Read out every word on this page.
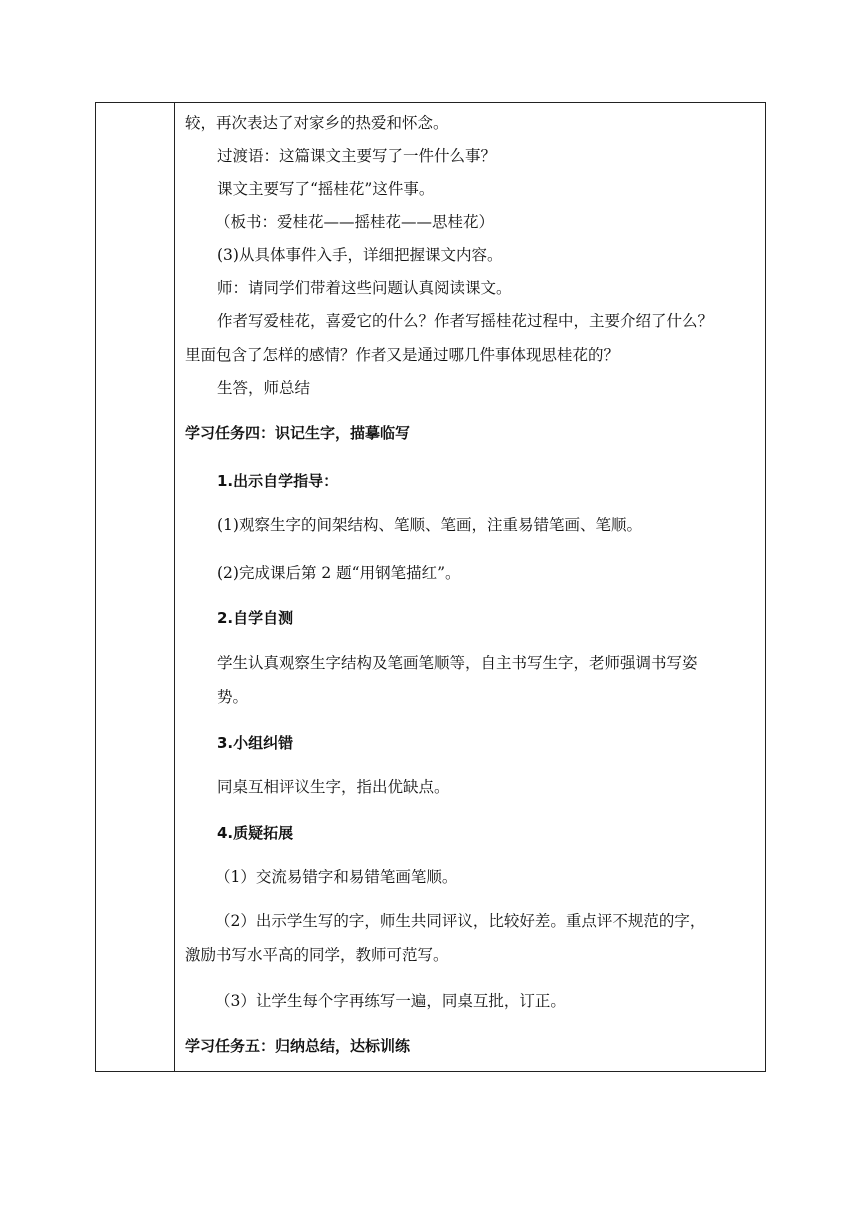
较，再次表达了对家乡的热爱和怀念。
过渡语：这篇课文主要写了一件什么事？
课文主要写了“摇桂花”这件事。
（板书：爱桂花——摇桂花——思桂花）
(3)从具体事件入手，详细把握课文内容。
师：请同学们带着这些问题认真阅读课文。
作者写爱桂花，喜爱它的什么？作者写摇桂花过程中，主要介绍了什么？
里面包含了怎样的感情？作者又是通过哪几件事体现思桂花的？
生答，师总结
学习任务四：识记生字，描摹临写
1.出示自学指导：
(1)观察生字的间架结构、笔顺、笔画，注重易错笔画、笔顺。
(2)完成课后第 2 题“用钢笔描红”。
2.自学自测
学生认真观察生字结构及笔画笔顺等，自主书写生字，老师强调书写姿
势。
3.小组纠错
同桌互相评议生字，指出优缺点。
4.质疑拓展
（1）交流易错字和易错笔画笔顺。
（2）出示学生写的字，师生共同评议，比较好差。重点评不规范的字，
激励书写水平高的同学，教师可范写。
（3）让学生每个字再练写一遍，同桌互批，订正。
学习任务五：归纳总结，达标训练
